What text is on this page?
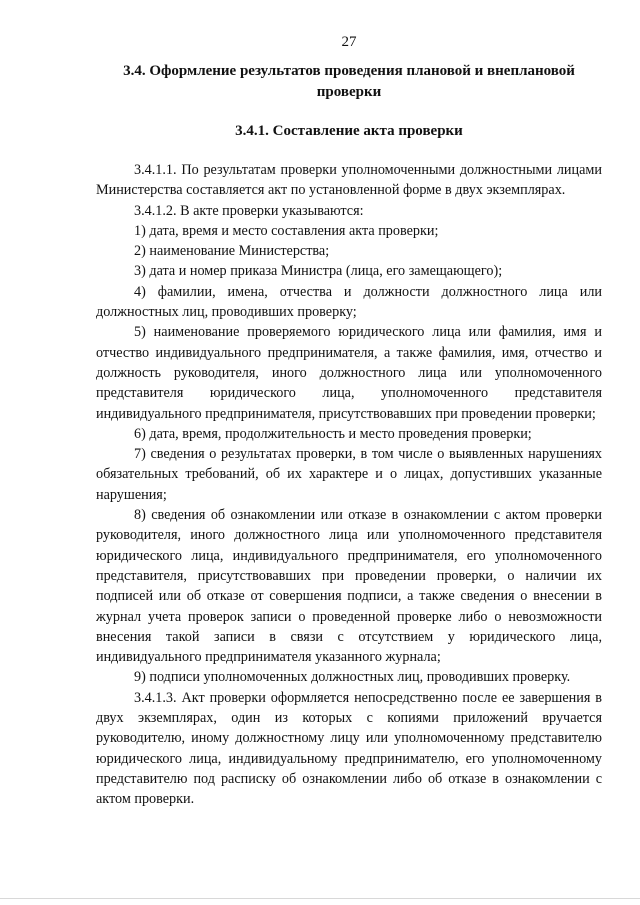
27
3.4. Оформление результатов проведения плановой и внеплановой проверки
3.4.1. Составление акта проверки

3.4.1.1. По результатам проверки уполномоченными должностными лицами Министерства составляется акт по установленной форме в двух экземплярах.

3.4.1.2. В акте проверки указываются:

1) дата, время и место составления акта проверки;

2) наименование Министерства;

3) дата и номер приказа Министра (лица, его замещающего);

4) фамилии, имена, отчества и должности должностного лица или должностных лиц, проводивших проверку;

5) наименование проверяемого юридического лица или фамилия, имя и отчество индивидуального предпринимателя, а также фамилия, имя, отчество и должность руководителя, иного должностного лица или уполномоченного представителя юридического лица, уполномоченного представителя индивидуального предпринимателя, присутствовавших при проведении проверки;

6) дата, время, продолжительность и место проведения проверки;

7) сведения о результатах проверки, в том числе о выявленных нарушениях обязательных требований, об их характере и о лицах, допустивших указанные нарушения;

8) сведения об ознакомлении или отказе в ознакомлении с актом проверки руководителя, иного должностного лица или уполномоченного представителя юридического лица, индивидуального предпринимателя, его уполномоченного представителя, присутствовавших при проведении проверки, о наличии их подписей или об отказе от совершения подписи, а также сведения о внесении в журнал учета проверок записи о проведенной проверке либо о невозможности внесения такой записи в связи с отсутствием у юридического лица, индивидуального предпринимателя указанного журнала;

9) подписи уполномоченных должностных лиц, проводивших проверку.

3.4.1.3. Акт проверки оформляется непосредственно после ее завершения в двух экземплярах, один из которых с копиями приложений вручается руководителю, иному должностному лицу или уполномоченному представителю юридического лица, индивидуальному предпринимателю, его уполномоченному представителю под расписку об ознакомлении либо об отказе в ознакомлении с актом проверки.
